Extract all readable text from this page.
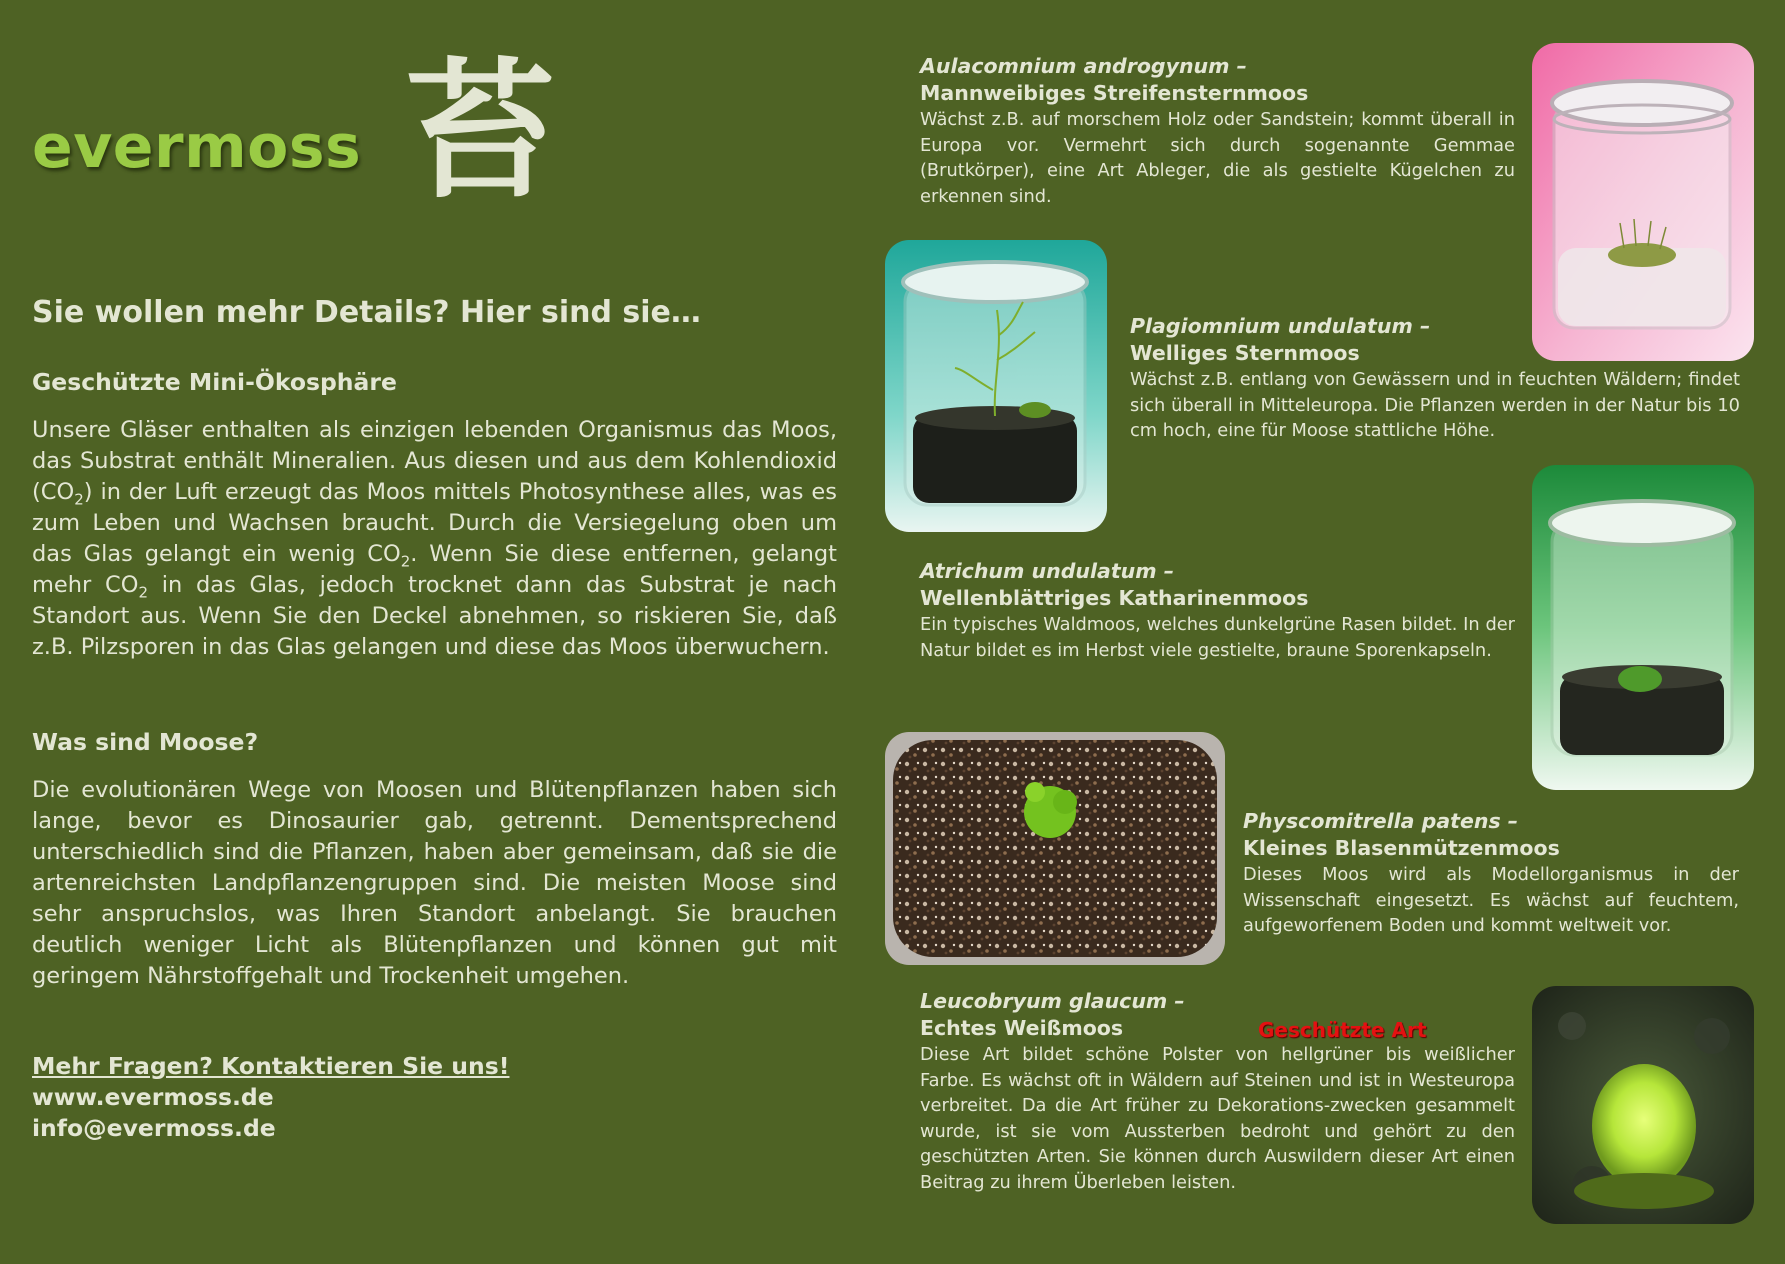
evermoss 苔
Sie wollen mehr Details? Hier sind sie…
Geschützte Mini-Ökosphäre
Unsere Gläser enthalten als einzigen lebenden Organismus das Moos, das Substrat enthält Mineralien. Aus diesen und aus dem Kohlendioxid $(CO_2)$ in der Luft erzeugt das Moos mittels Photosynthese alles, was es zum Leben und Wachsen braucht. Durch die Versiegelung oben um das Glas gelangt ein wenig $CO_2$. Wenn Sie diese entfernen, gelangt mehr $CO_2$ in das Glas, jedoch trocknet dann das Substrat je nach Standort aus. Wenn Sie den Deckel abnehmen, so riskieren Sie, daß z.B. Pilzsporen in das Glas gelangen und diese das Moos überwuchern.
Was sind Moose?
Die evolutionären Wege von Moosen und Blütenpflanzen haben sich lange, bevor es Dinosaurier gab, getrennt. Dementsprechend unterschiedlich sind die Pflanzen, haben aber gemeinsam, daß sie die artenreichsten Landpflanzengruppen sind. Die meisten Moose sind sehr anspruchslos, was Ihren Standort anbelangt. Sie brauchen deutlich weniger Licht als Blütenpflanzen und können gut mit geringem Nährstoffgehalt und Trockenheit umgehen.
Mehr Fragen? Kontaktieren Sie uns!
www.evermoss.de
info@evermoss.de
Aulacomnium androgynum –
Mannweibiges Streifensternmoos

Wächst z.B. auf morschem Holz oder Sandstein; kommt überall in Europa vor. Vermehrt sich durch sogenannte Gemmae (Brutkörper), eine Art Ableger, die als gestielte Kügelchen zu erkennen sind.

Plagiomnium undulatum –
Welliges Sternmoos

Wächst z.B. entlang von Gewässern und in feuchten Wäldern; findet sich überall in Mitteleuropa. Die Pflanzen werden in der Natur bis 10 cm hoch, eine für Moose stattliche Höhe.

Atrichum undulatum –
Wellenblättriges Katharinenmoos

Ein typisches Waldmoos, welches dunkelgrüne Rasen bildet. In der Natur bildet es im Herbst viele gestielte, braune Sporenkapseln.

Physcomitrella patens –
Kleines Blasenmützenmoos

Dieses Moos wird als Modellorganismus in der Wissenschaft eingesetzt. Es wächst auf feuchtem, aufgeworfenem Boden und kommt weltweit vor.

Leucobryum glaucum –
Echtes Weißmoos

Diese Art bildet schöne Polster von hellgrüner bis weißlicher Farbe. Es wächst oft in Wäldern auf Steinen und ist in Westeuropa verbreitet. Da die Art früher zu Dekorations-zwecken gesammelt wurde, ist sie vom Aussterben bedroht und gehört zu den geschützten Arten. Sie können durch Auswildern dieser Art einen Beitrag zu ihrem Überleben leisten.

Geschützte Art
